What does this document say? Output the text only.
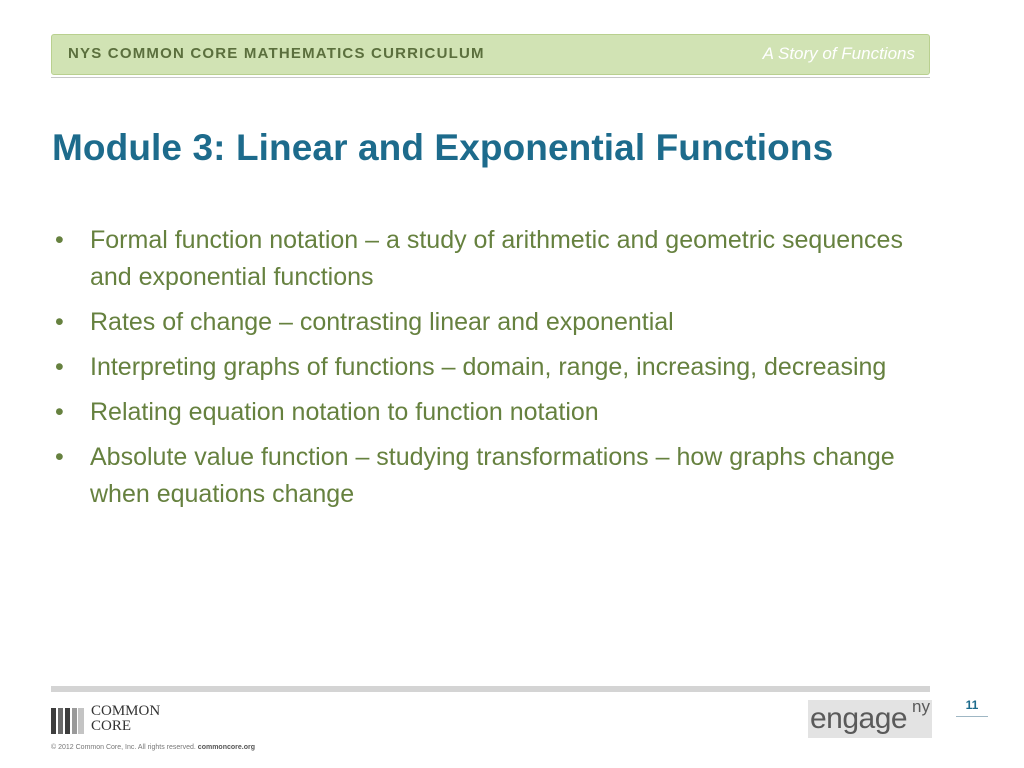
NYS COMMON CORE MATHEMATICS CURRICULUM	A Story of Functions
Module 3: Linear and Exponential Functions
• Formal function notation – a study of arithmetic and geometric sequences and exponential functions
• Rates of change – contrasting linear and exponential
• Interpreting graphs of functions – domain, range, increasing, decreasing
• Relating equation notation to function notation
• Absolute value function – studying transformations – how graphs change when equations change
COMMON
CORE
© 2012 Common Core, Inc. All rights reserved. commoncore.org
engage ny	11
